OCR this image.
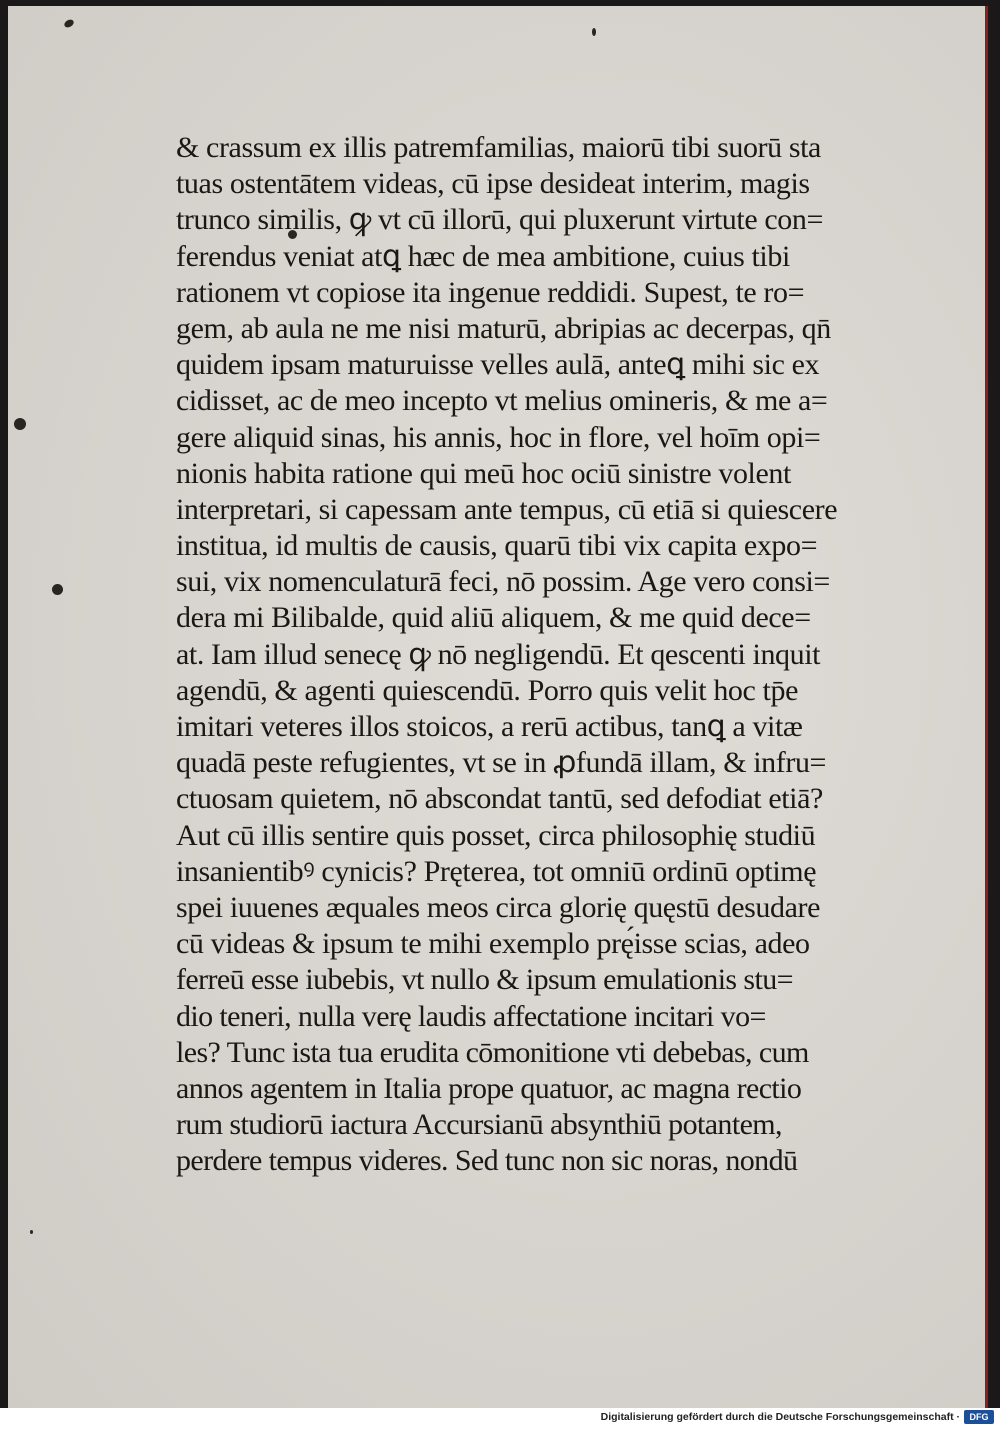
& crassum ex illis patremfamilias, maiorū tibi suorū sta
tuas ostentātem videas, cū ipse desideat interim, magis
trunco similis, ꝙ vt cū illorū, qui pluxerunt virtute con=
ferendus veniat atꝗ hæc de mea ambitione, cuius tibi
rationem vt copiose ita ingenue reddidi. Supest, te ro=
gem, ab aula ne me nisi maturū, abripias ac decerpas, qn̄
quidem ipsam maturuisse velles aulā, anteꝗ mihi sic ex
cidisset, ac de meo incepto vt melius omineris, & me a=
gere aliquid sinas, his annis, hoc in flore, vel hoīm opi=
nionis habita ratione qui meū hoc ociū sinistre volent
interpretari, si capessam ante tempus, cū etiā si quiescere
institua, id multis de causis, quarū tibi vix capita expo=
sui, vix nomenculaturā feci, nō possim. Age vero consi=
dera mi Bilibalde, quid aliū aliquem, & me quid dece=
at. Iam illud senecę ꝙ nō negligendū. Et qescenti inquit
agendū, & agenti quiescendū. Porro quis velit hoc tp̄e
imitari veteres illos stoicos, a rerū actibus, tanꝗ a vitæ
quadā peste refugientes, vt se in ꝓfundā illam, & infru=
ctuosam quietem, nō abscondat tantū, sed defodiat etiā?
Aut cū illis sentire quis posset, circa philosophię studiū
insanientibꝰ cynicis? Pręterea, tot omniū ordinū optimę
spei iuuenes æquales meos circa glorię quęstū desudare
cū videas & ipsum te mihi exemplo prę́isse scias, adeo
ferreū esse iubebis, vt nullo & ipsum emulationis stu=
dio teneri, nulla verę laudis affectatione incitari vo=
les? Tunc ista tua erudita cōmonitione vti debebas, cum
annos agentem in Italia prope quatuor, ac magna rectio
rum studiorū iactura Accursianū absynthiū potantem,
perdere tempus videres. Sed tunc non sic noras, nondū
Digitalisierung gefördert durch die Deutsche Forschungsgemeinschaft ·	DFG
